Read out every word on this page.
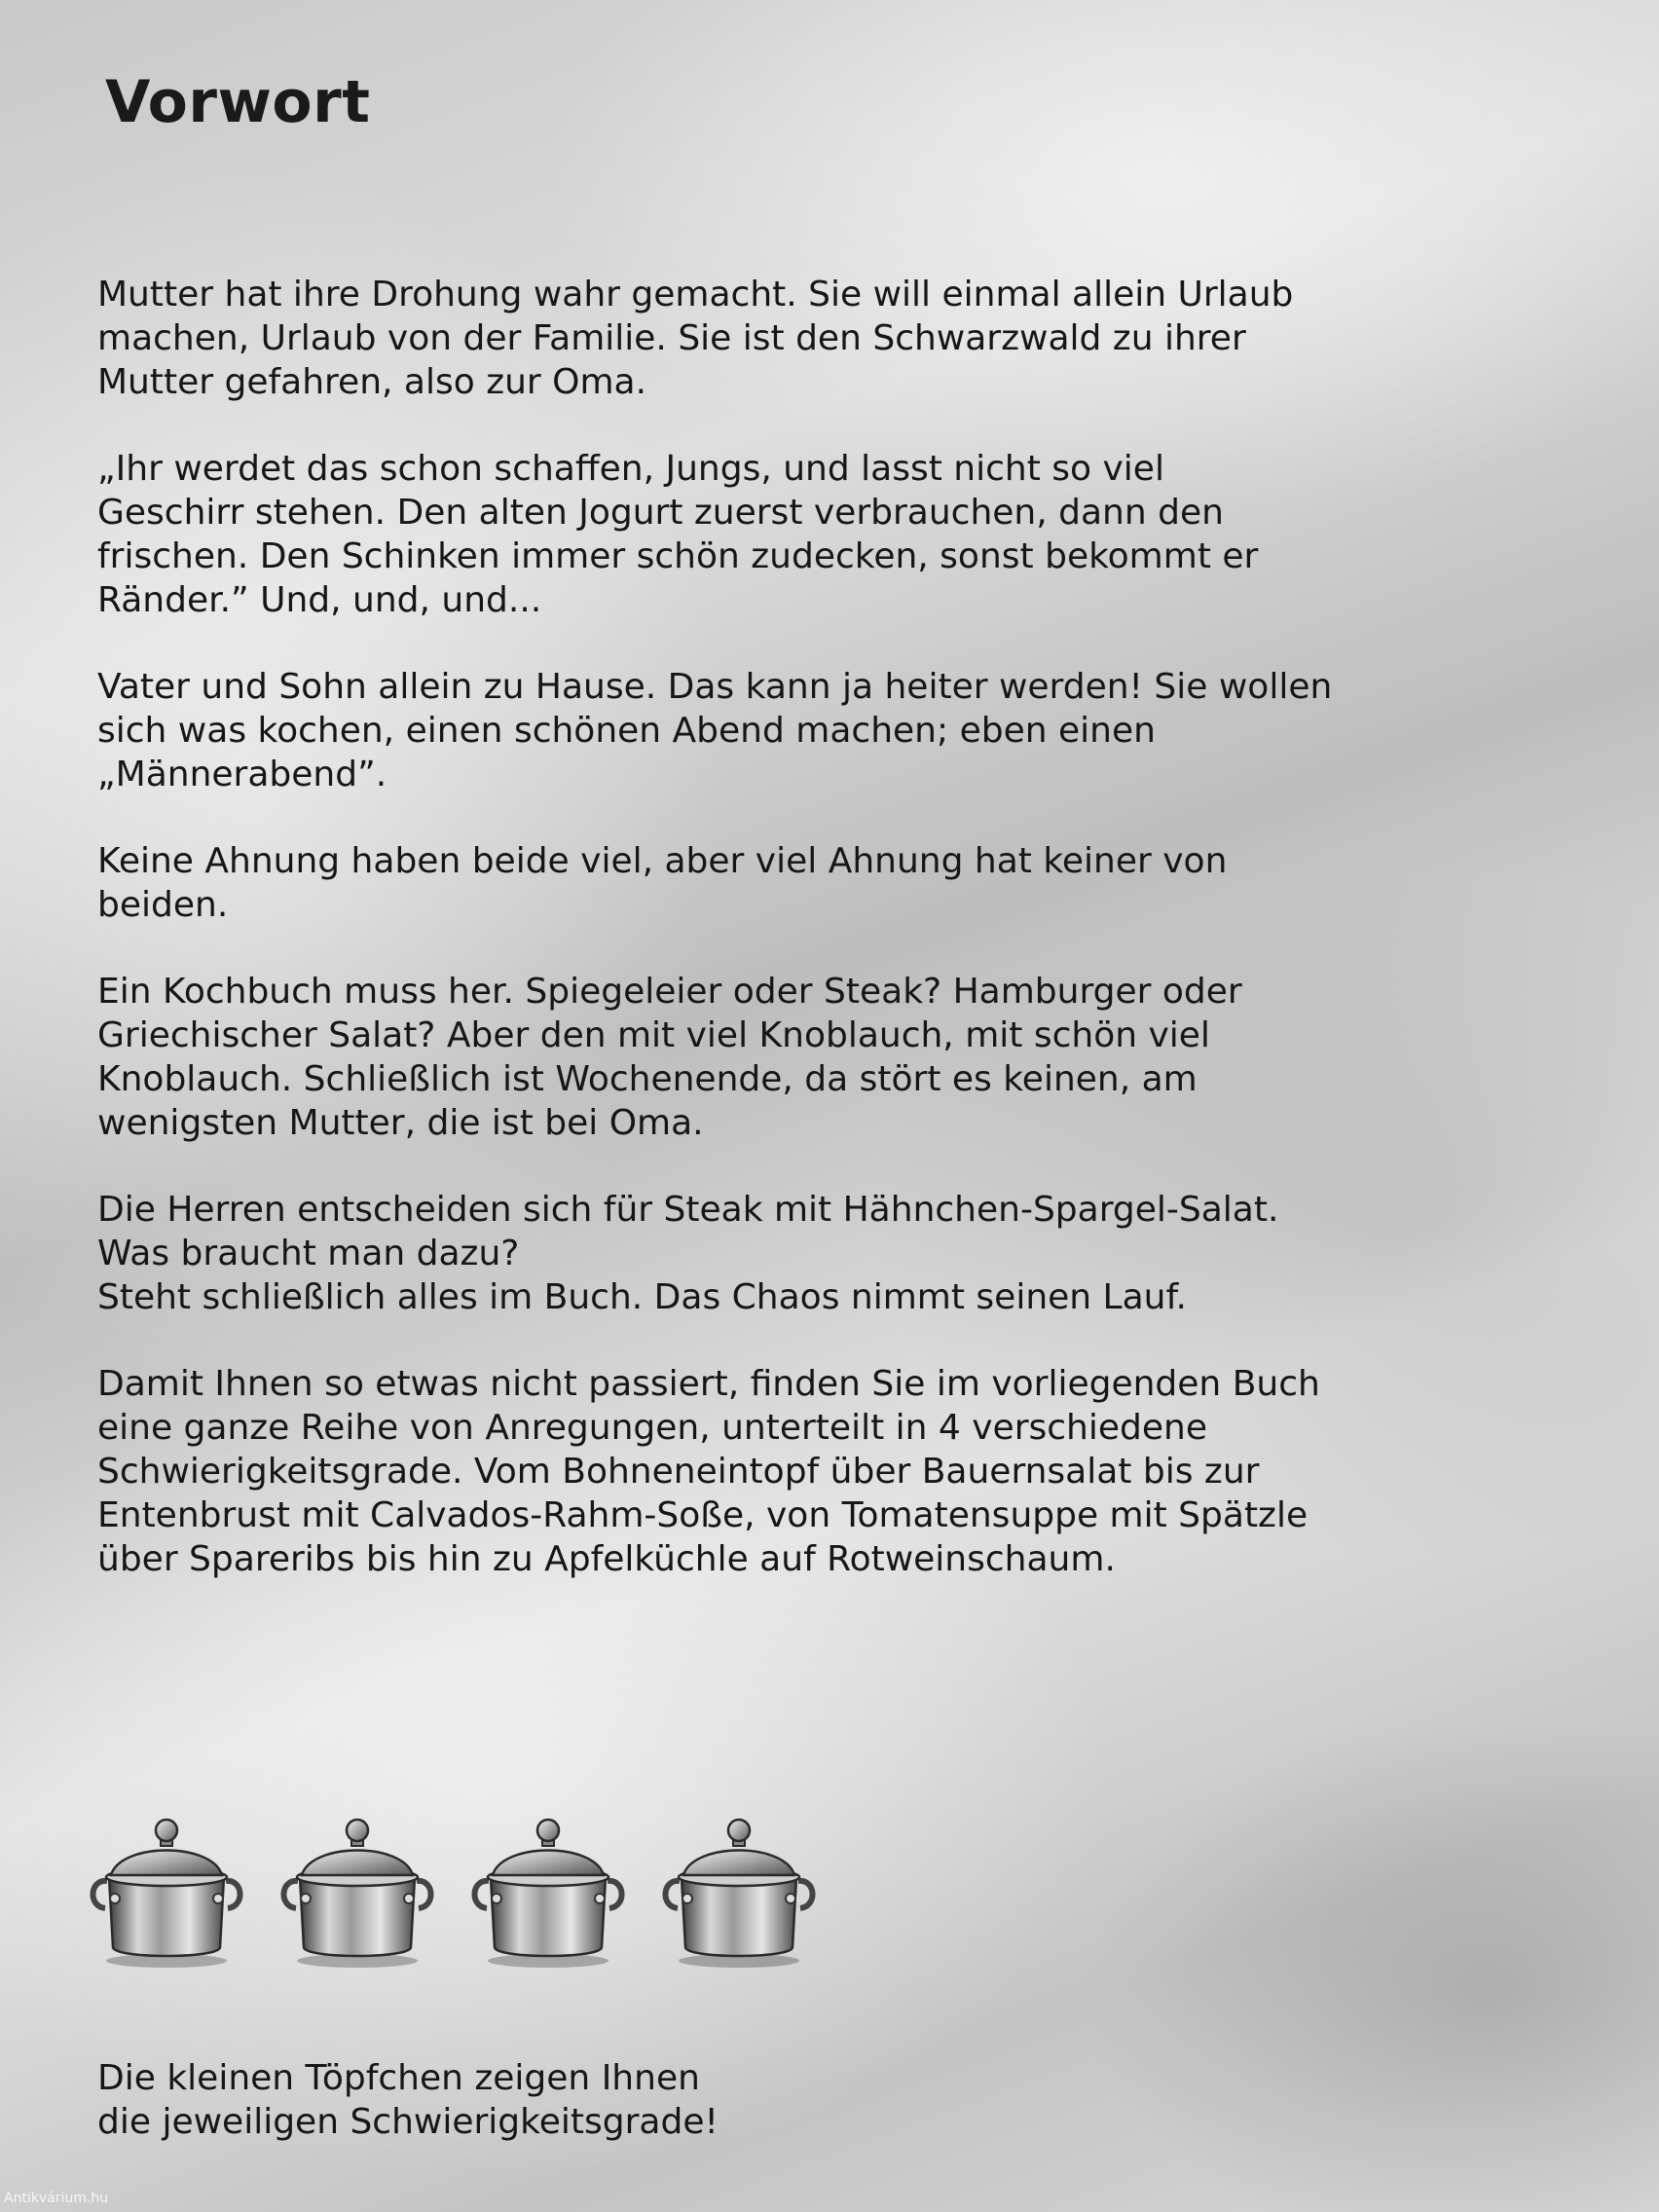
Vorwort

Mutter hat ihre Drohung wahr gemacht. Sie will einmal allein Urlaub
machen, Urlaub von der Familie. Sie ist den Schwarzwald zu ihrer
Mutter gefahren, also zur Oma.

„Ihr werdet das schon schaffen, Jungs, und lasst nicht so viel
Geschirr stehen. Den alten Jogurt zuerst verbrauchen, dann den
frischen. Den Schinken immer schön zudecken, sonst bekommt er
Ränder.” Und, und, und...

Vater und Sohn allein zu Hause. Das kann ja heiter werden! Sie wollen
sich was kochen, einen schönen Abend machen; eben einen
„Männerabend”.

Keine Ahnung haben beide viel, aber viel Ahnung hat keiner von
beiden.

Ein Kochbuch muss her. Spiegeleier oder Steak? Hamburger oder
Griechischer Salat? Aber den mit viel Knoblauch, mit schön viel
Knoblauch. Schließlich ist Wochenende, da stört es keinen, am
wenigsten Mutter, die ist bei Oma.

Die Herren entscheiden sich für Steak mit Hähnchen-Spargel-Salat.
Was braucht man dazu?
Steht schließlich alles im Buch. Das Chaos nimmt seinen Lauf.

Damit Ihnen so etwas nicht passiert, finden Sie im vorliegenden Buch
eine ganze Reihe von Anregungen, unterteilt in 4 verschiedene
Schwierigkeitsgrade. Vom Bohneneintopf über Bauernsalat bis zur
Entenbrust mit Calvados-Rahm-Soße, von Tomatensuppe mit Spätzle
über Spareribs bis hin zu Apfelküchle auf Rotweinschaum.

Die kleinen Töpfchen zeigen Ihnen
die jeweiligen Schwierigkeitsgrade!

Antikvárium.hu
